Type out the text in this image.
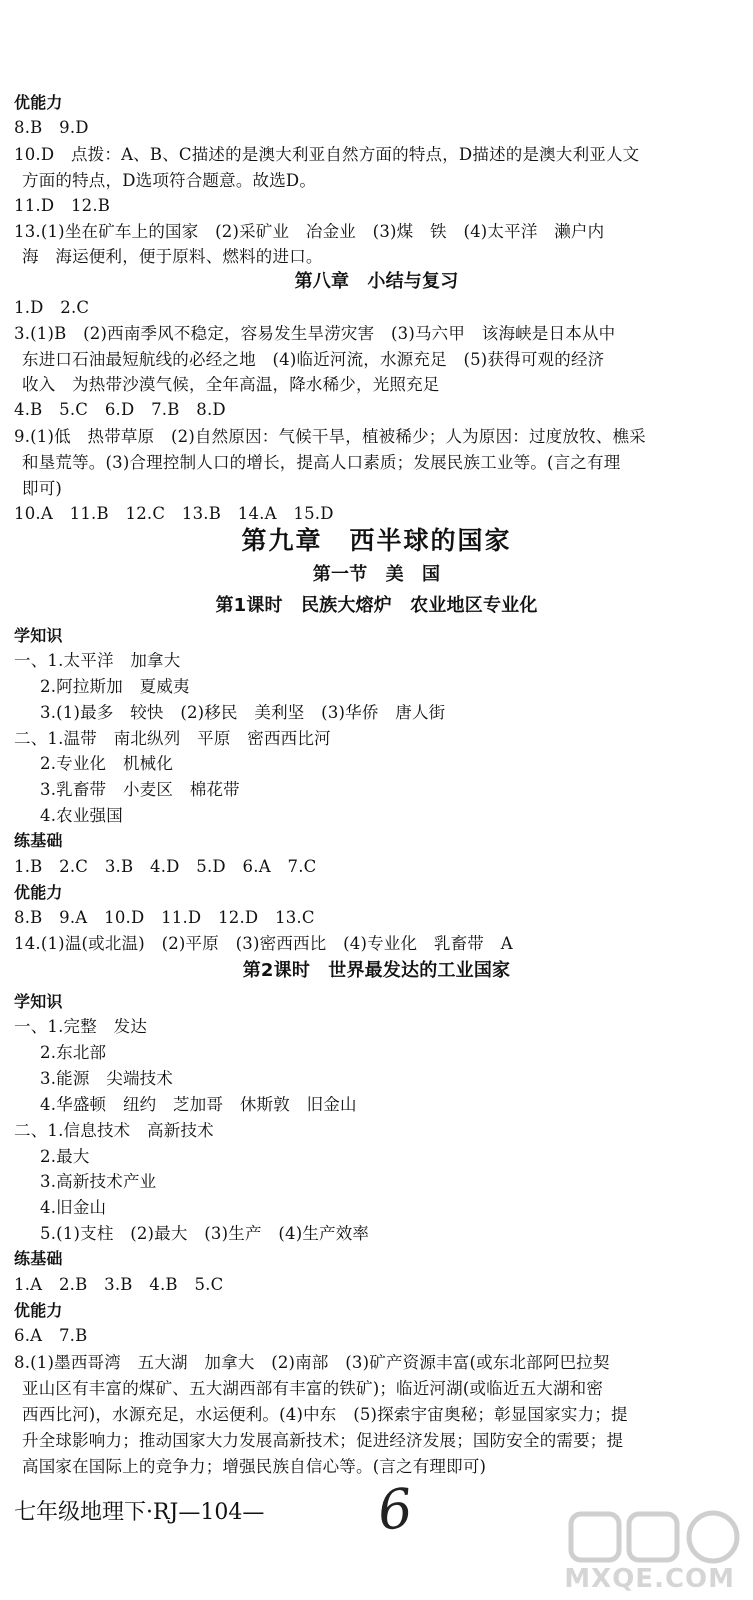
优能力
8.B　9.D
10.D　点拨：A、B、C描述的是澳大利亚自然方面的特点，D描述的是澳大利亚人文
方面的特点，D选项符合题意。故选D。
11.D　12.B
13.(1)坐在矿车上的国家　(2)采矿业　冶金业　(3)煤　铁　(4)太平洋　濑户内
海　海运便利，便于原料、燃料的进口。
第八章　小结与复习
1.D　2.C
3.(1)B　(2)西南季风不稳定，容易发生旱涝灾害　(3)马六甲　该海峡是日本从中
东进口石油最短航线的必经之地　(4)临近河流，水源充足　(5)获得可观的经济
收入　为热带沙漠气候，全年高温，降水稀少，光照充足
4.B　5.C　6.D　7.B　8.D
9.(1)低　热带草原　(2)自然原因：气候干旱，植被稀少；人为原因：过度放牧、樵采
和垦荒等。(3)合理控制人口的增长，提高人口素质；发展民族工业等。(言之有理
即可)
10.A　11.B　12.C　13.B　14.A　15.D
第九章　西半球的国家
第一节　美　国
第1课时　民族大熔炉　农业地区专业化
学知识
一、1.太平洋　加拿大
2.阿拉斯加　夏威夷
3.(1)最多　较快　(2)移民　美利坚　(3)华侨　唐人街
二、1.温带　南北纵列　平原　密西西比河
2.专业化　机械化
3.乳畜带　小麦区　棉花带
4.农业强国
练基础
1.B　2.C　3.B　4.D　5.D　6.A　7.C
优能力
8.B　9.A　10.D　11.D　12.D　13.C
14.(1)温(或北温)　(2)平原　(3)密西西比　(4)专业化　乳畜带　A
第2课时　世界最发达的工业国家
学知识
一、1.完整　发达
2.东北部
3.能源　尖端技术
4.华盛顿　纽约　芝加哥　休斯敦　旧金山
二、1.信息技术　高新技术
2.最大
3.高新技术产业
4.旧金山
5.(1)支柱　(2)最大　(3)生产　(4)生产效率
练基础
1.A　2.B　3.B　4.B　5.C
优能力
6.A　7.B
8.(1)墨西哥湾　五大湖　加拿大　(2)南部　(3)矿产资源丰富(或东北部阿巴拉契
亚山区有丰富的煤矿、五大湖西部有丰富的铁矿)；临近河湖(或临近五大湖和密
西西比河)，水源充足，水运便利。(4)中东　(5)探索宇宙奥秘；彰显国家实力；提
升全球影响力；推动国家大力发展高新技术；促进经济发展；国防安全的需要；提
高国家在国际上的竞争力；增强民族自信心等。(言之有理即可)
七年级地理下·RJ—104— 6
MXQE.COM
